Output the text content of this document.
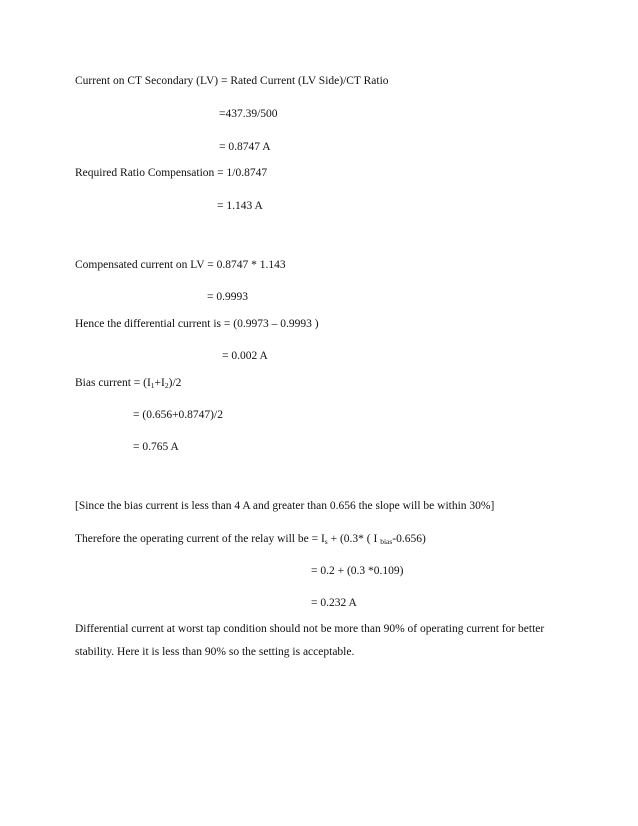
Current on CT Secondary (LV) = Rated Current (LV Side)/CT Ratio
=437.39/500
= 0.8747 A
Required Ratio Compensation = 1/0.8747
= 1.143 A
Compensated current on LV = 0.8747 * 1.143
= 0.9993
Hence the differential current is = (0.9973 – 0.9993 )
= 0.002 A
Bias current = $(I_1+I_2)/2$
= (0.656+0.8747)/2
= 0.765 A
[Since the bias current is less than 4 A and greater than 0.656 the slope will be within 30%]
Therefore the operating current of the relay will be = $I_s + (0.3*$ ( I $_{bias}$-0.656)
= 0.2 + (0.3 *0.109)
= 0.232 A
Differential current at worst tap condition should not be more than 90% of operating current for better
stability. Here it is less than 90% so the setting is acceptable.
